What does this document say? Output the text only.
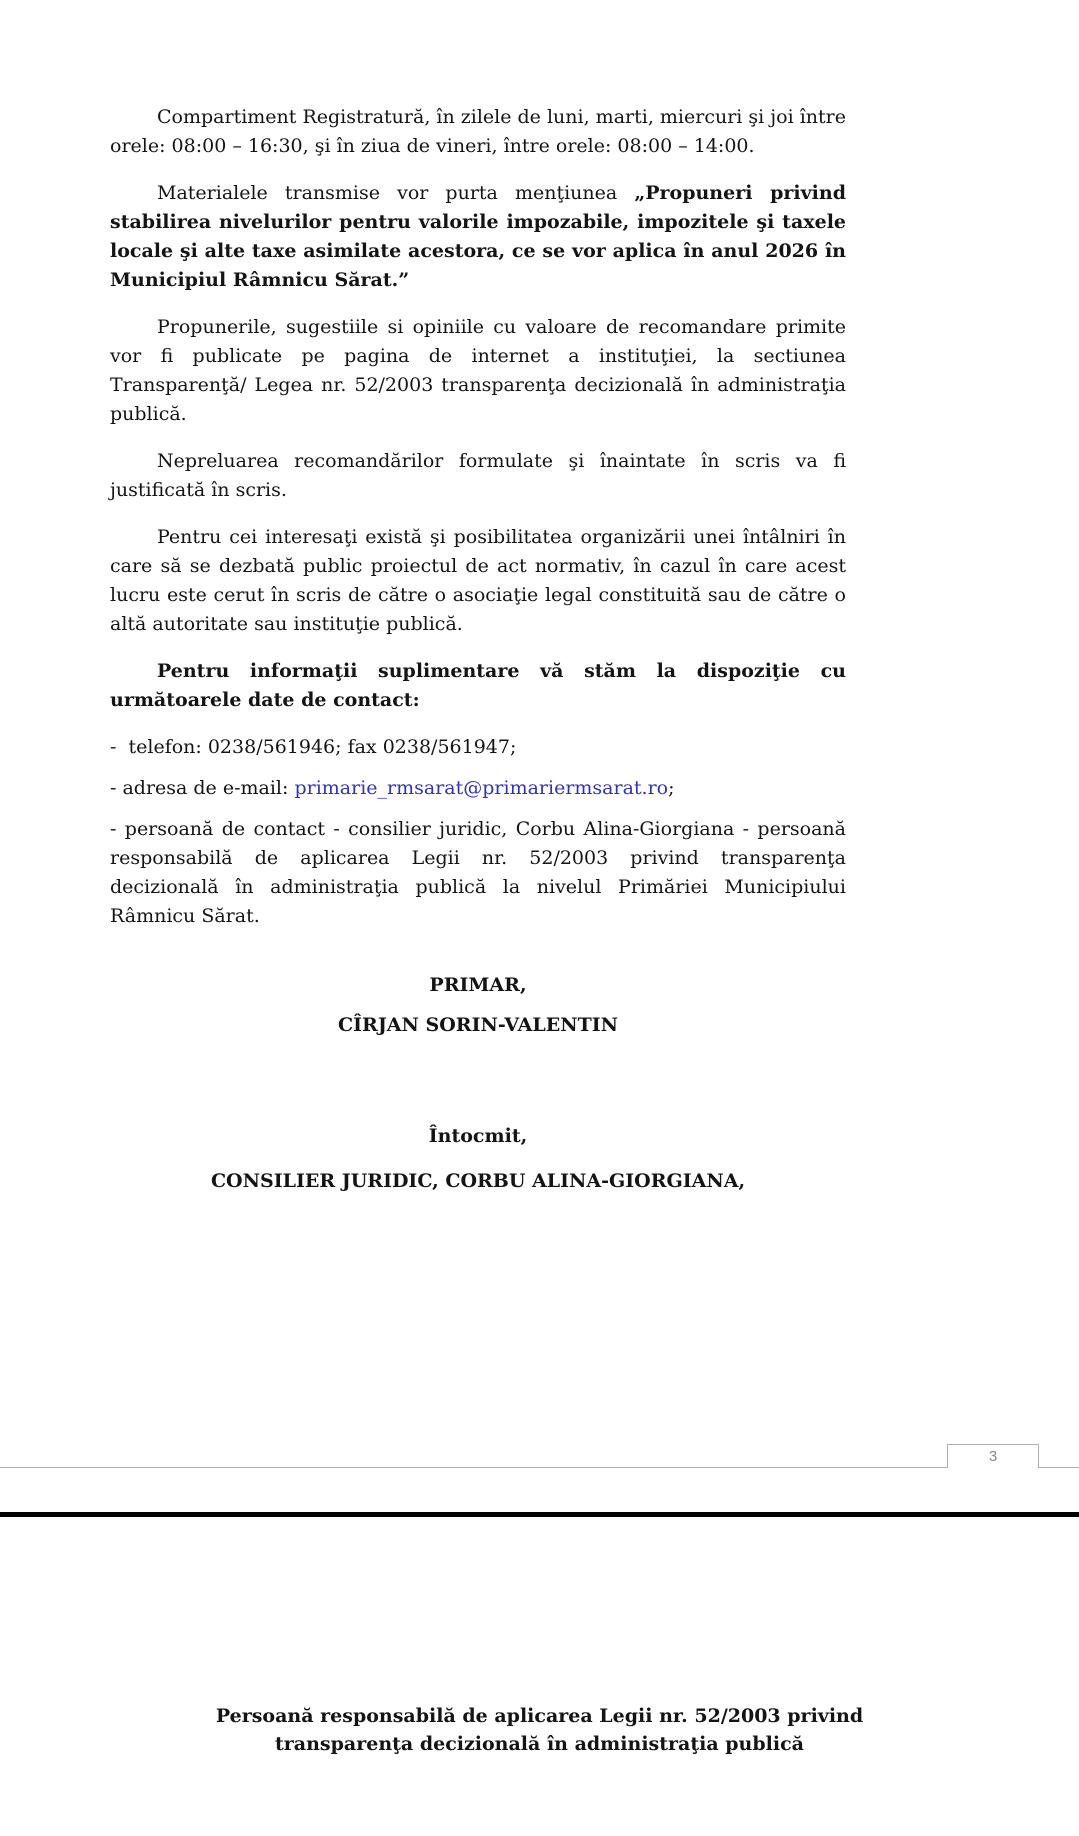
Compartiment Registratură, în zilele de luni, marti, miercuri şi joi între orele: 08:00 – 16:30, şi în ziua de vineri, între orele: 08:00 – 14:00.

Materialele transmise vor purta menţiunea „Propuneri privind stabilirea nivelurilor pentru valorile impozabile, impozitele şi taxele locale şi alte taxe asimilate acestora, ce se vor aplica în anul 2026 în Municipiul Râmnicu Sărat.”

Propunerile, sugestiile si opiniile cu valoare de recomandare primite vor fi publicate pe pagina de internet a instituţiei, la sectiunea Transparenţă/ Legea nr. 52/2003 transparenţa decizională în administraţia publică.

Nepreluarea recomandărilor formulate şi înaintate în scris va fi justificată în scris.

Pentru cei interesaţi există şi posibilitatea organizării unei întâlniri în care să se dezbată public proiectul de act normativ, în cazul în care acest lucru este cerut în scris de către o asociaţie legal constituită sau de către o altă autoritate sau instituţie publică.

Pentru informaţii suplimentare vă stăm la dispoziţie cu următoarele date de contact:

-  telefon: 0238/561946; fax 0238/561947;

- adresa de e-mail: primarie_rmsarat@primariermsarat.ro;

- persoană de contact - consilier juridic, Corbu Alina-Giorgiana - persoană responsabilă de aplicarea Legii nr. 52/2003 privind transparenţa decizională în administraţia publică la nivelul Primăriei Municipiului Râmnicu Sărat.

PRIMAR,

CÎRJAN SORIN-VALENTIN

Întocmit,

CONSILIER JURIDIC, CORBU ALINA-GIORGIANA,

3
Persoană responsabilă de aplicarea Legii nr. 52/2003 privind
transparenţa decizională în administraţia publică
